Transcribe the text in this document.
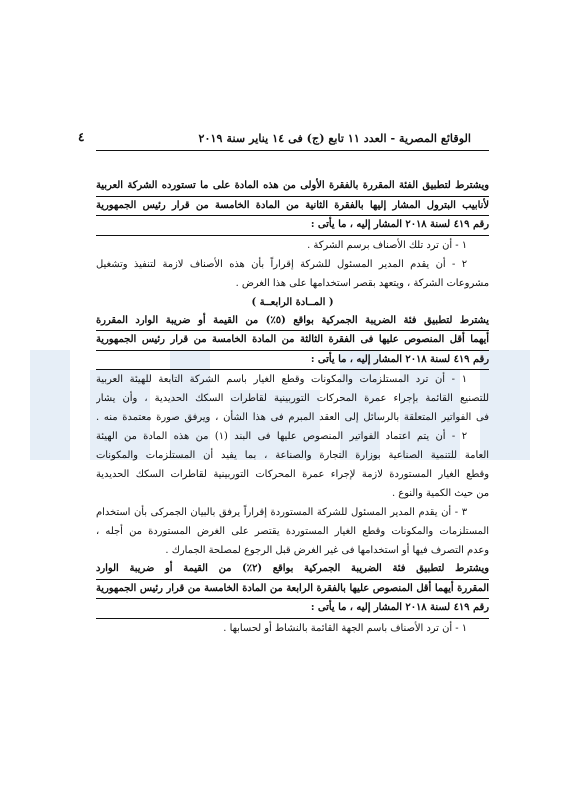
الوقائع المصرية - العدد ١١ تابع (ج) فى ١٤ يناير سنة ٢٠١٩
٤
ويشترط لتطبيق الفئة المقررة بالفقرة الأولى من هذه المادة على ما تستورده الشركة العربية
لأنابيب البترول المشار إليها بالفقرة الثانية من المادة الخامسة من قرار رئيس الجمهورية
رقم ٤١٩ لسنة ٢٠١٨ المشار إليه ، ما يأتى :
١ - أن ترد تلك الأصناف برسم الشركة .
٢ - أن يقدم المدير المسئول للشركة إقراراً بأن هذه الأصناف لازمة لتنفيذ وتشغيل
مشروعات الشركة ، ويتعهد بقصر استخدامها على هذا الغرض .
( المــادة الرابعــة )
يشترط لتطبيق فئة الضريبة الجمركية بواقع (٥٪) من القيمة أو ضريبة الوارد المقررة
أيهما أقل المنصوص عليها فى الفقرة الثالثة من المادة الخامسة من قرار رئيس الجمهورية
رقم ٤١٩ لسنة ٢٠١٨ المشار إليه ، ما يأتى :
١ - أن ترد المستلزمات والمكونات وقطع الغيار باسم الشركة التابعة للهيئة العربية
للتصنيع القائمة بإجراء عمرة المحركات التوربينية لقاطرات السكك الحديدية ، وأن يشار
فى الفواتير المتعلقة بالرسائل إلى العقد المبرم فى هذا الشأن ، ويرفق صورة معتمدة منه .
٢ - أن يتم اعتماد الفواتير المنصوص عليها فى البند (١) من هذه المادة من الهيئة
العامة للتنمية الصناعية بوزارة التجارة والصناعة ، بما يفيد أن المستلزمات والمكونات
وقطع الغيار المستوردة لازمة لإجراء عمرة المحركات التوربينية لقاطرات السكك الحديدية
من حيث الكمية والنوع .
٣ - أن يقدم المدير المسئول للشركة المستوردة إقراراً يرفق بالبيان الجمركى بأن استخدام
المستلزمات والمكونات وقطع الغيار المستوردة يقتصر على الغرض المستوردة من أجله ،
وعدم التصرف فيها أو استخدامها فى غير الغرض قبل الرجوع لمصلحة الجمارك .
ويشترط لتطبيق فئة الضريبة الجمركية بواقع (٢٪) من القيمة أو ضريبة الوارد
المقررة أيهما أقل المنصوص عليها بالفقرة الرابعة من المادة الخامسة من قرار رئيس الجمهورية
رقم ٤١٩ لسنة ٢٠١٨ المشار إليه ، ما يأتى :
١ - أن ترد الأصناف باسم الجهة القائمة بالنشاط أو لحسابها .
